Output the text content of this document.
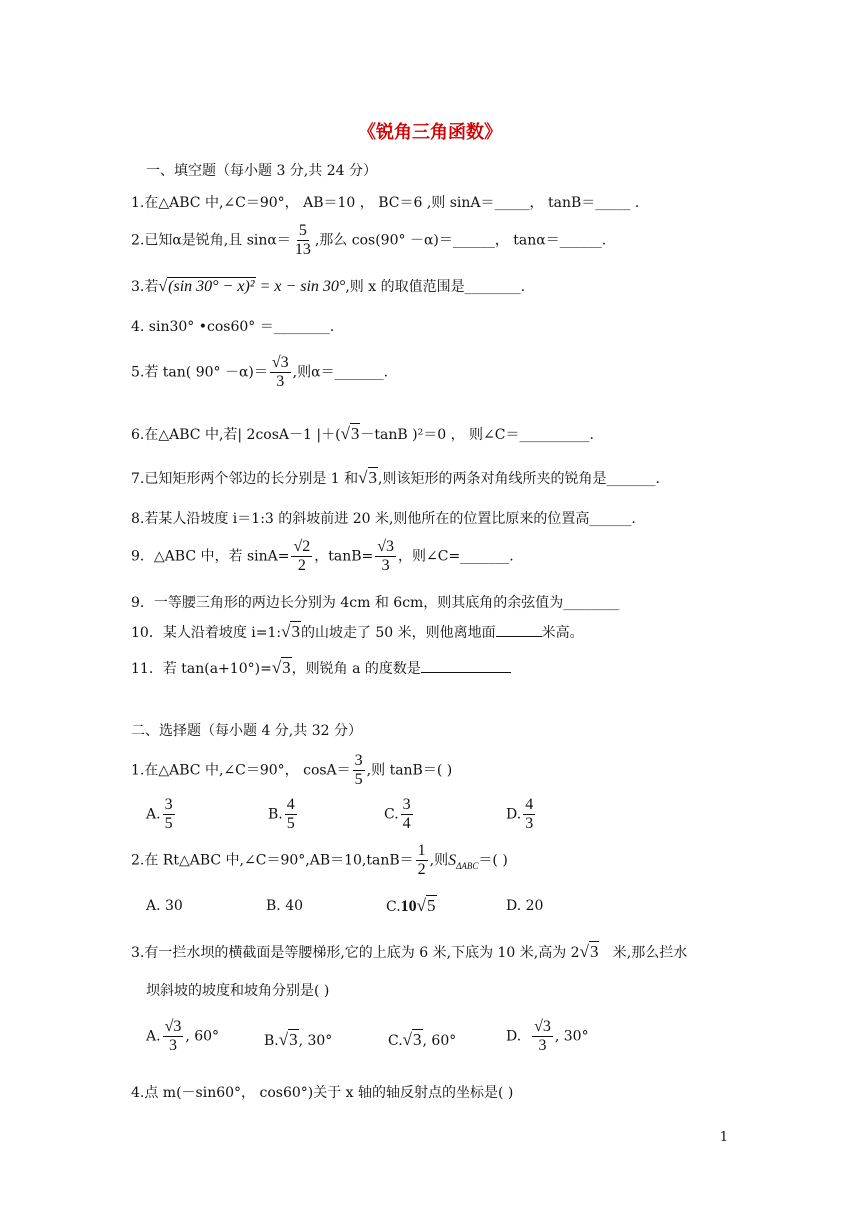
《锐角三角函数》
一、填空题（每小题 3 分,共 24 分）
1.在△ABC 中,∠C＝90°， AB＝10 ， BC＝6 ,则 sinA＝_____， tanB＝_____ .
2.已知α是锐角,且 $\sin\alpha= \frac{5}{13}$ ,那么 cos(90° －α)＝______， tanα＝______.
3.若√(sin 30° − x)² = x − sin 30°,则 x 的取值范围是________.
4. sin30° •cos60° ＝________.
5.若 tan( $90^\circ -\alpha)= \frac{√3}{3}$ ,则α＝_______.
6.在△ABC 中,若| 2cosA－1 |＋(√3－tanB )²＝0 ， 则∠C＝__________.
7.已知矩形两个邻边的长分别是 1 和√3,则该矩形的两条对角线所夹的锐角是_______.
8.若某人沿坡度 i＝1:3 的斜坡前进 20 米,则他所在的位置比原来的位置高______.
9．△ABC 中，若 $\sin A= \frac{√2}{2}$ ，$\tan B= \frac{√3}{3}$ ，则∠C=_______.
9．一等腰三角形的两边长分别为 4cm 和 6cm，则其底角的余弦值为________
10．某人沿着坡度 i=1:√3的山坡走了 50 米，则他离地面	米高。
11．若 tan(a+10°)=√3，则锐角 a 的度数是
二、选择题（每小题 4 分,共 32 分）
1.在△ABC 中,∠C＝90°， $\cos A= \frac{3}{5}$ ,则 tanB＝( )
A. $\frac{3}{5}$	B. $\frac{4}{5}$	C. $\frac{3}{4}$	D. $\frac{4}{3}$
2.在 Rt△ABC 中,∠C＝90°,AB＝10,tanB＝ $\frac{1}{2}$ ,则$S_{\Delta ABC}=$( )
A. 30	B. 40	C.10√5	D. 20
3.有一拦水坝的横截面是等腰梯形,它的上底为 6 米,下底为 10 米,高为 2√3 米,那么拦水
坝斜坡的坡度和坡角分别是( )
A. $\frac{√3}{3}$ , 60°	B.√3, 30°	C.√3, 60°	D. $\frac{√3}{3}$ , 30°
4.点 m(－sin60°， cos60°)关于 x 轴的轴反射点的坐标是( )
1
